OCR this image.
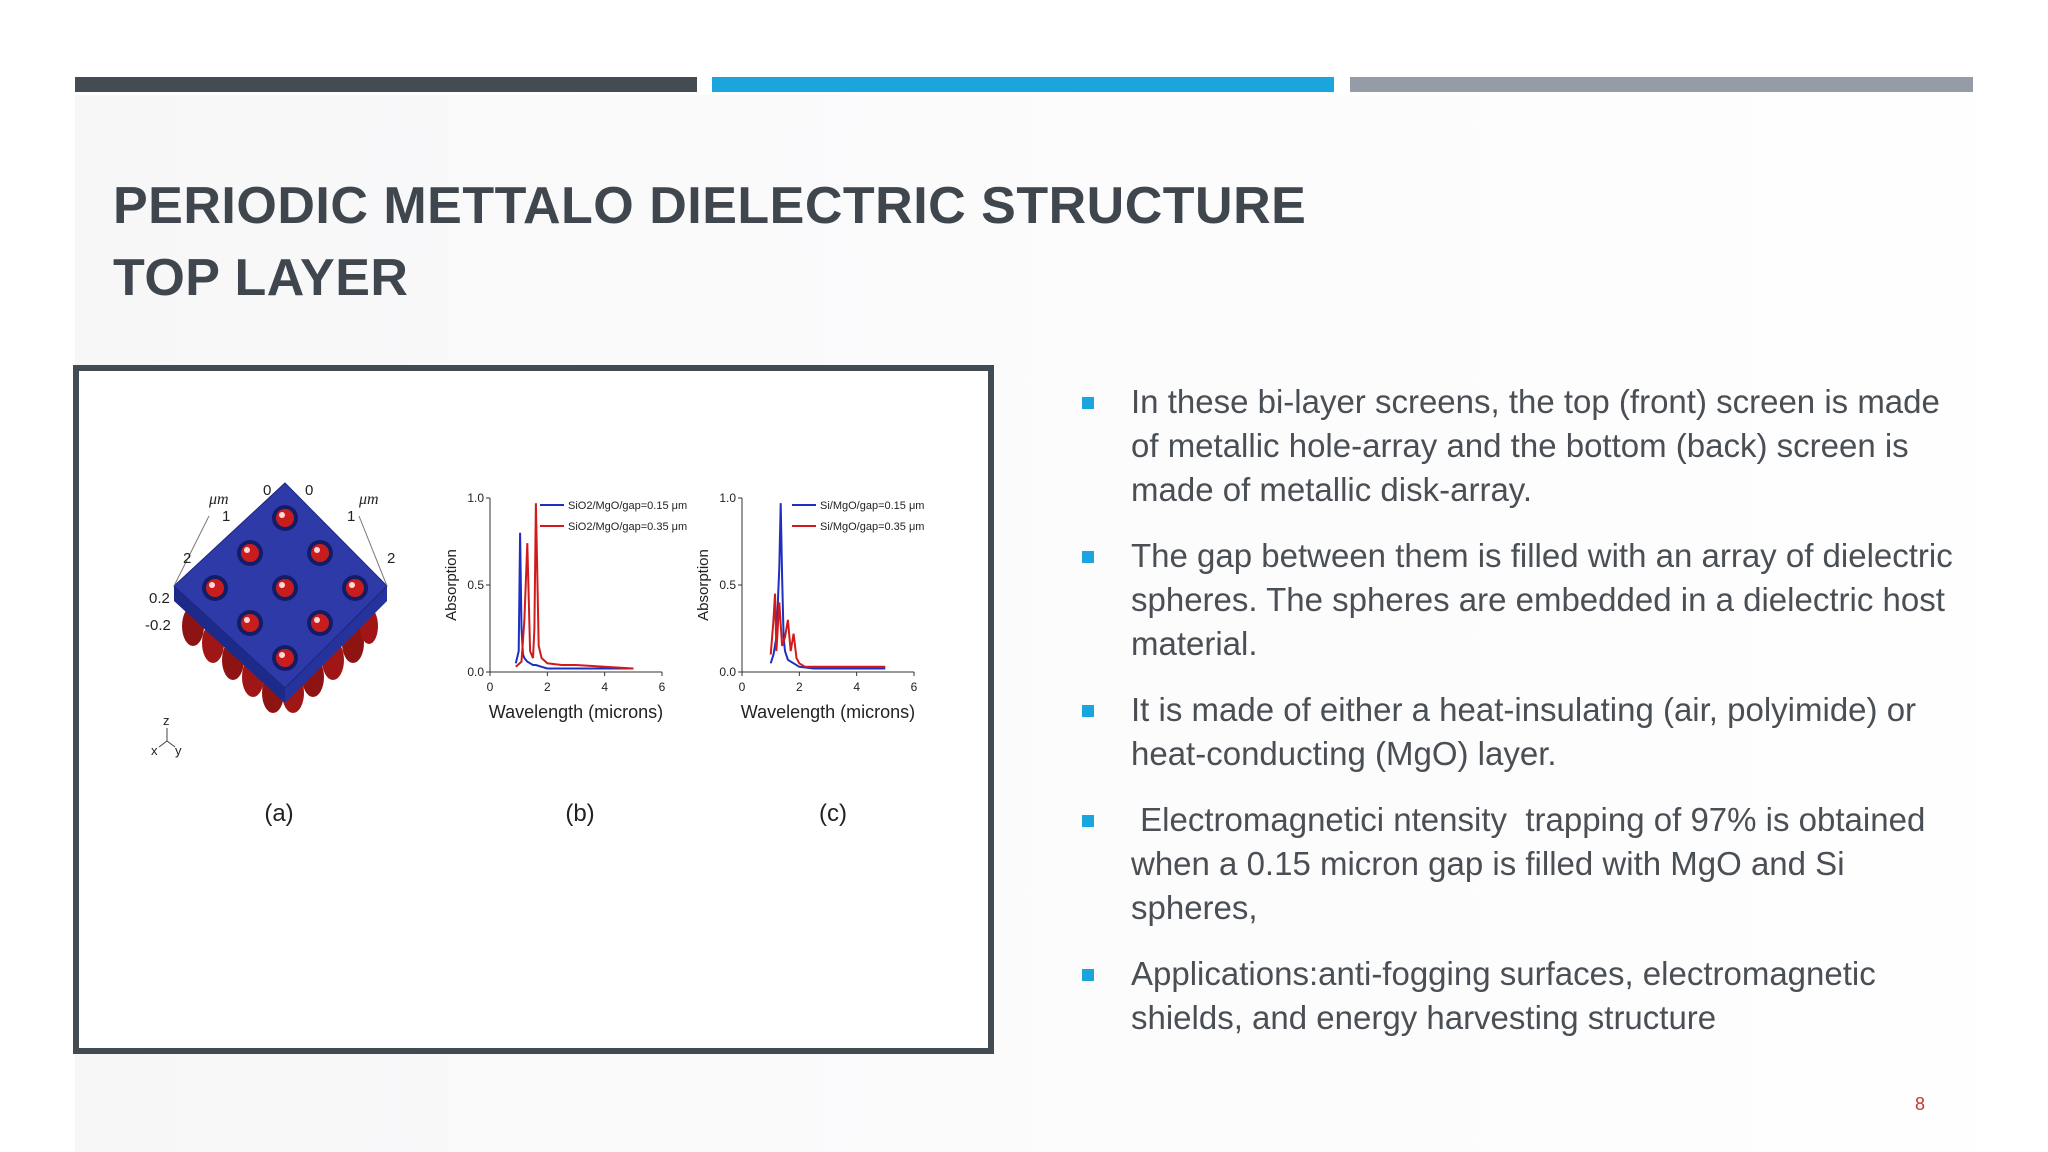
PERIODIC METTALO DIELECTRIC STRUCTURE
TOP LAYER
μm	μm
0 0
1	1
2	2
0.2
-0.2
z
x y
0.0
0.5
1.0
0	2	4	6
Wavelength (microns)
Absorption
SiO2/MgO/gap=0.15 μm
SiO2/MgO/gap=0.35 μm
0.0
0.5
1.0
0	2	4	6
Wavelength (microns)
Absorption
Si/MgO/gap=0.15 μm
Si/MgO/gap=0.35 μm
(a)	(b)	(c)
In these bi-layer screens, the top (front) screen is made of metallic hole-array and the bottom (back) screen is made of metallic disk-array.
The gap between them is filled with an array of dielectric spheres. The spheres are embedded in a dielectric host material.
It is made of either a heat-insulating (air, polyimide) or heat-conducting (MgO) layer.
Electromagnetici ntensity  trapping of 97% is obtained when a 0.15 micron gap is filled with MgO and Si spheres,
Applications:anti-fogging surfaces, electromagnetic shields, and energy harvesting structure
8
